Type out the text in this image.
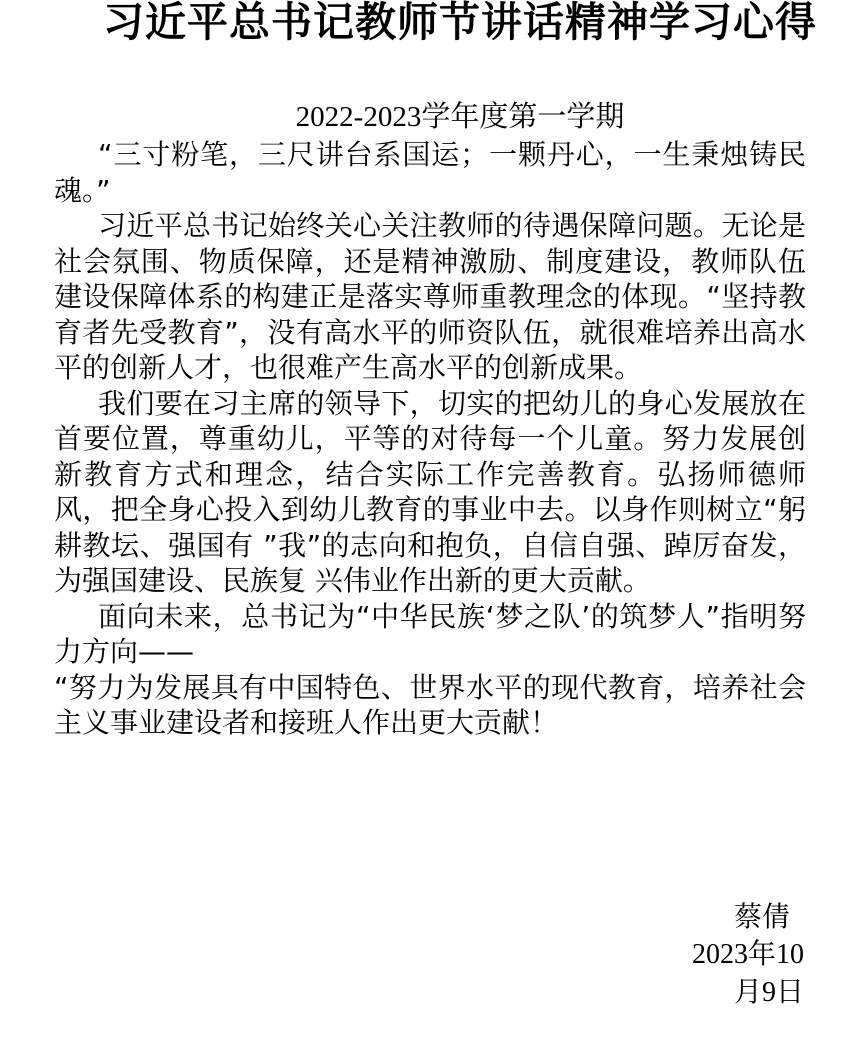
习近平总书记教师节讲话精神学习心得
2022-2023学年度第一学期

“三寸粉笔，三尺讲台系国运；一颗丹心，一生秉烛铸民魂。”

习近平总书记始终关心关注教师的待遇保障问题。无论是社会氛围、物质保障，还是精神激励、制度建设，教师队伍建设保障体系的构建正是落实尊师重教理念的体现。“坚持教育者先受教育”，没有高水平的师资队伍，就很难培养出高水平的创新人才，也很难产生高水平的创新成果。

我们要在习主席的领导下，切实的把幼儿的身心发展放在首要位置，尊重幼儿，平等的对待每一个儿童。努力发展创新教育方式和理念，结合实际工作完善教育。弘扬师德师风，把全身心投入到幼儿教育的事业中去。以身作则树立“躬耕教坛、强国有 ”我”的志向和抱负，自信自强、踔厉奋发，为强国建设、民族复 兴伟业作出新的更大贡献。

面向未来，总书记为“中华民族‘梦之队’的筑梦人”指明努力方向——

“努力为发展具有中国特色、世界水平的现代教育，培养社会主义事业建设者和接班人作出更大贡献！

蔡倩
2023年10
月9日
